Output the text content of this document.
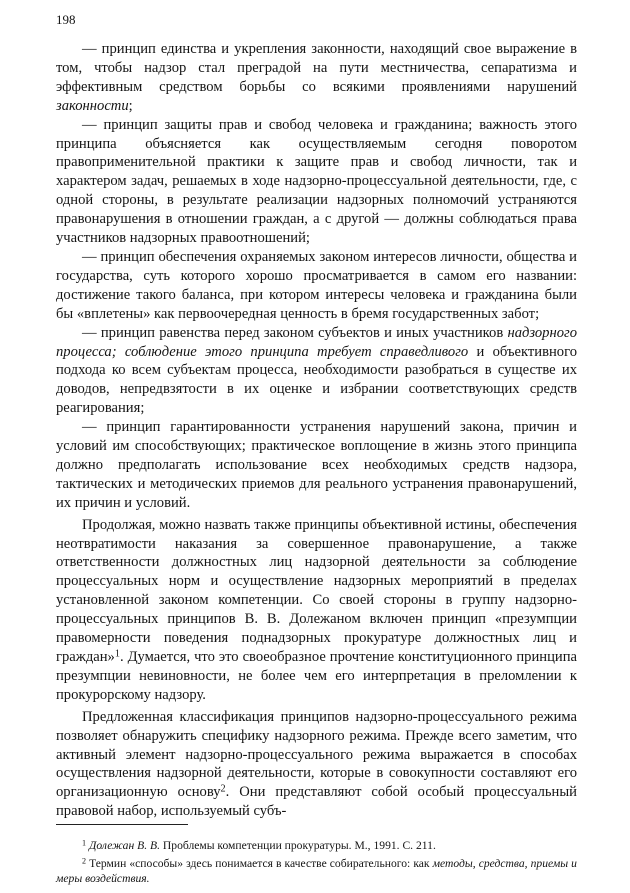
198

— принцип единства и укрепления законности, находящий свое выражение в том, чтобы надзор стал преградой на пути местничества, сепаратизма и эффективным средством борьбы со всякими проявлениями нарушений законности;

— принцип защиты прав и свобод человека и гражданина; важность этого принципа объясняется как осуществляемым сегодня поворотом правоприменительной практики к защите прав и свобод личности, так и характером задач, решаемых в ходе надзорно-процессуальной деятельности, где, с одной стороны, в результате реализации надзорных полномочий устраняются правонарушения в отношении граждан, а с другой — должны соблюдаться права участников надзорных правоотношений;

— принцип обеспечения охраняемых законом интересов личности, общества и государства, суть которого хорошо просматривается в самом его названии: достижение такого баланса, при котором интересы человека и гражданина были бы «вплетены» как первоочередная ценность в бремя государственных забот;

— принцип равенства перед законом субъектов и иных участников надзорного процесса; соблюдение этого принципа требует справедливого и объективного подхода ко всем субъектам процесса, необходимости разобраться в существе их доводов, непредвзятости в их оценке и избрании соответствующих средств реагирования;

— принцип гарантированности устранения нарушений закона, причин и условий им способствующих; практическое воплощение в жизнь этого принципа должно предполагать использование всех необходимых средств надзора, тактических и методических приемов для реального устранения правонарушений, их причин и условий.

Продолжая, можно назвать также принципы объективной истины, обеспечения неотвратимости наказания за совершенное правонарушение, а также ответственности должностных лиц надзорной деятельности за соблюдение процессуальных норм и осуществление надзорных мероприятий в пределах установленной законом компетенции. Со своей стороны в группу надзорно-процессуальных принципов В. В. Долежаном включен принцип «презумпции правомерности поведения поднадзорных прокуратуре должностных лиц и граждан»$^1$. Думается, что это своеобразное прочтение конституционного принципа презумпции невиновности, не более чем его интерпретация в преломлении к прокурорскому надзору.

Предложенная классификация принципов надзорно-процессуального режима позволяет обнаружить специфику надзорного режима. Прежде всего заметим, что активный элемент надзорно-процессуального режима выражается в способах осуществления надзорной деятельности, которые в совокупности составляют его организационную основу$^2$. Они представляют собой особый процессуальный правовой набор, используемый субъ-

$^1$ Долежан В. В. Проблемы компетенции прокуратуры. М., 1991. С. 211.

$^2$ Термин «способы» здесь понимается в качестве собирательного: как методы, средства, приемы и меры воздействия.
